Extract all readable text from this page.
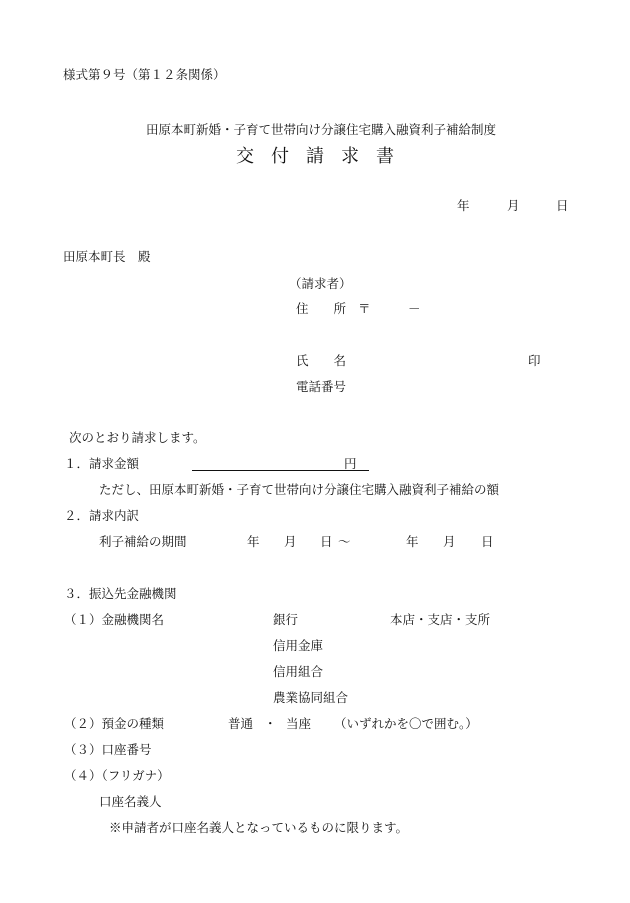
様式第９号（第１２条関係）
田原本町新婚・子育て世帯向け分譲住宅購入融資利子補給制度
交付請求書
年	月	日
田原本町長　殿
（請求者）
住　　所 〒	－
氏　　名	印
電話番号
次のとおり請求します。
１．請求金額	円
ただし、田原本町新婚・子育て世帯向け分譲住宅購入融資利子補給の額
２．請求内訳
利子補給の期間	年 月 日 ～	年 月 日
３．振込先金融機関
（１）金融機関名	銀行	本店・支店・支所
信用金庫
信用組合
農業協同組合
（２）預金の種類	普通 ・ 当座 （いずれかを〇で囲む。）
（３）口座番号
（４）（フリガナ）
口座名義人
※申請者が口座名義人となっているものに限ります。
